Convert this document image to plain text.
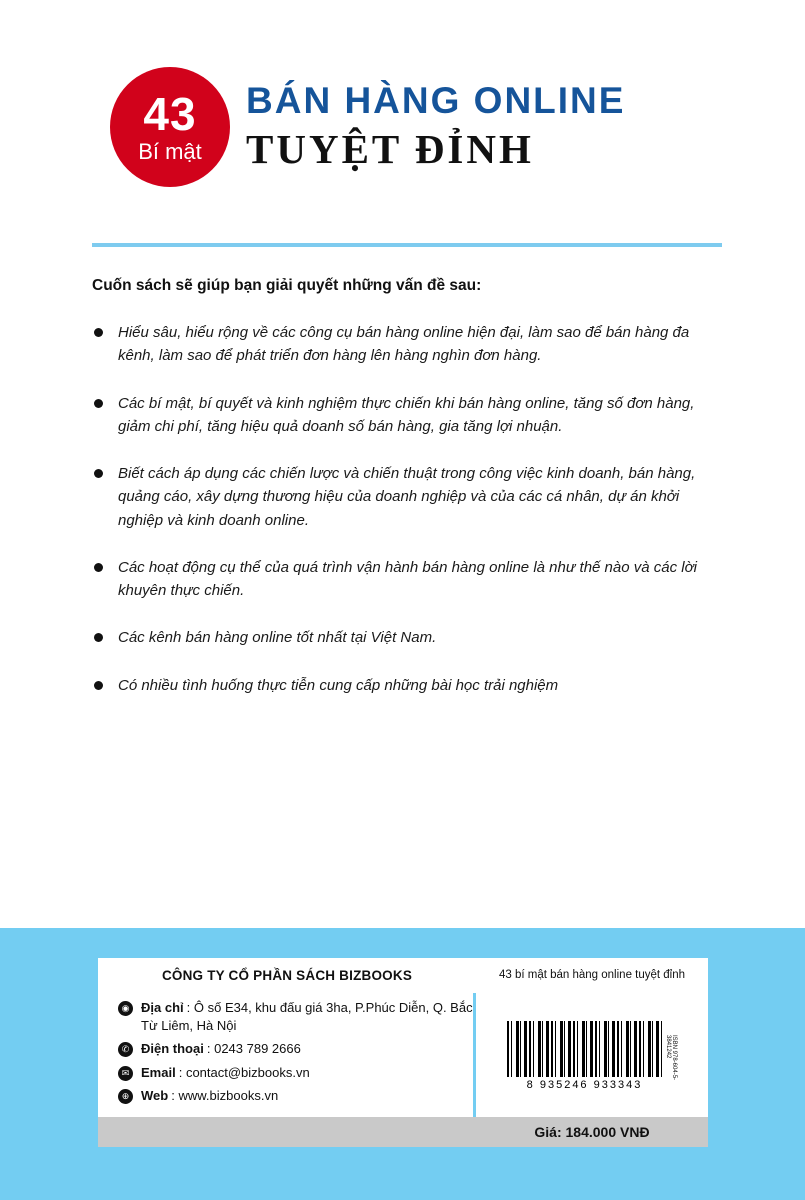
43
Bí mật
BÁN HÀNG ONLINE
TUYỆT ĐỈNH
Cuốn sách sẽ giúp bạn giải quyết những vấn đề sau:
Hiểu sâu, hiểu rộng về các công cụ bán hàng online hiện đại, làm sao để bán hàng đa kênh, làm sao để phát triển đơn hàng lên hàng nghìn đơn hàng.
Các bí mật, bí quyết và kinh nghiệm thực chiến khi bán hàng online, tăng số đơn hàng, giảm chi phí, tăng hiệu quả doanh số bán hàng, gia tăng lợi nhuận.
Biết cách áp dụng các chiến lược và chiến thuật trong công việc kinh doanh, bán hàng, quảng cáo, xây dựng thương hiệu của doanh nghiệp và của các cá nhân, dự án khởi nghiệp và kinh doanh online.
Các hoạt động cụ thể của quá trình vận hành bán hàng online là như thế nào và các lời khuyên thực chiến.
Các kênh bán hàng online tốt nhất tại Việt Nam.
Có nhiều tình huống thực tiễn cung cấp những bài học trải nghiệm
CÔNG TY CỔ PHẦN SÁCH BIZBOOKS	43 bí mật bán hàng online tuyệt đỉnh
◉ Địa chỉ : Ô số E34, khu đấu giá 3ha, P.Phúc Diễn, Q. Bắc Từ Liêm, Hà Nội
✆ Điện thoại : 0243 789 2666
✉ Email : contact@bizbooks.vn
⊕ Web : www.bizbooks.vn
8 935246 933343
ISBN 978-604-5-3841242
Giá: 184.000 VNĐ
